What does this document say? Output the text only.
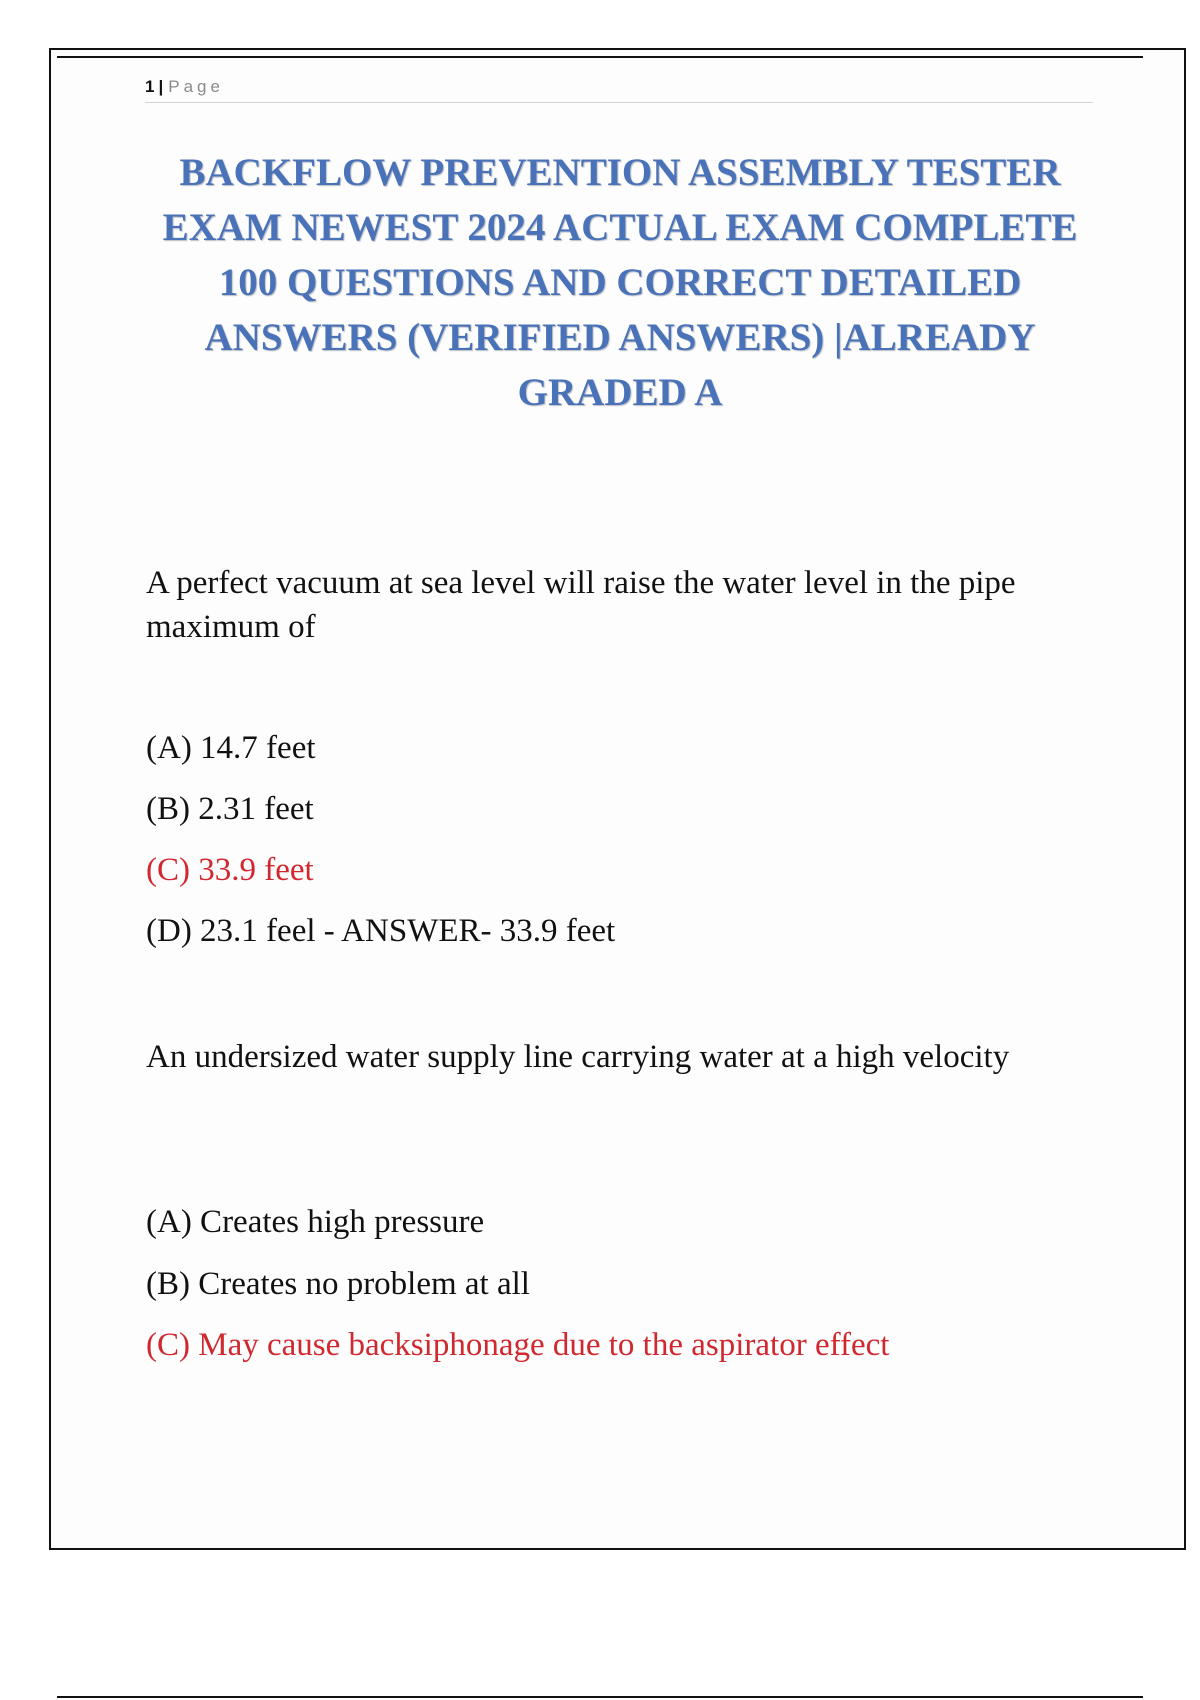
1 | Page
BACKFLOW PREVENTION ASSEMBLY TESTER EXAM NEWEST 2024 ACTUAL EXAM COMPLETE 100 QUESTIONS AND CORRECT DETAILED ANSWERS (VERIFIED ANSWERS) |ALREADY GRADED A

A perfect vacuum at sea level will raise the water level in the pipe maximum of

(A) 14.7 feet

(B) 2.31 feet

(C) 33.9 feet

(D) 23.1 feel - ANSWER- 33.9 feet

An undersized water supply line carrying water at a high velocity

(A) Creates high pressure

(B) Creates no problem at all

(C) May cause backsiphonage due to the aspirator effect
